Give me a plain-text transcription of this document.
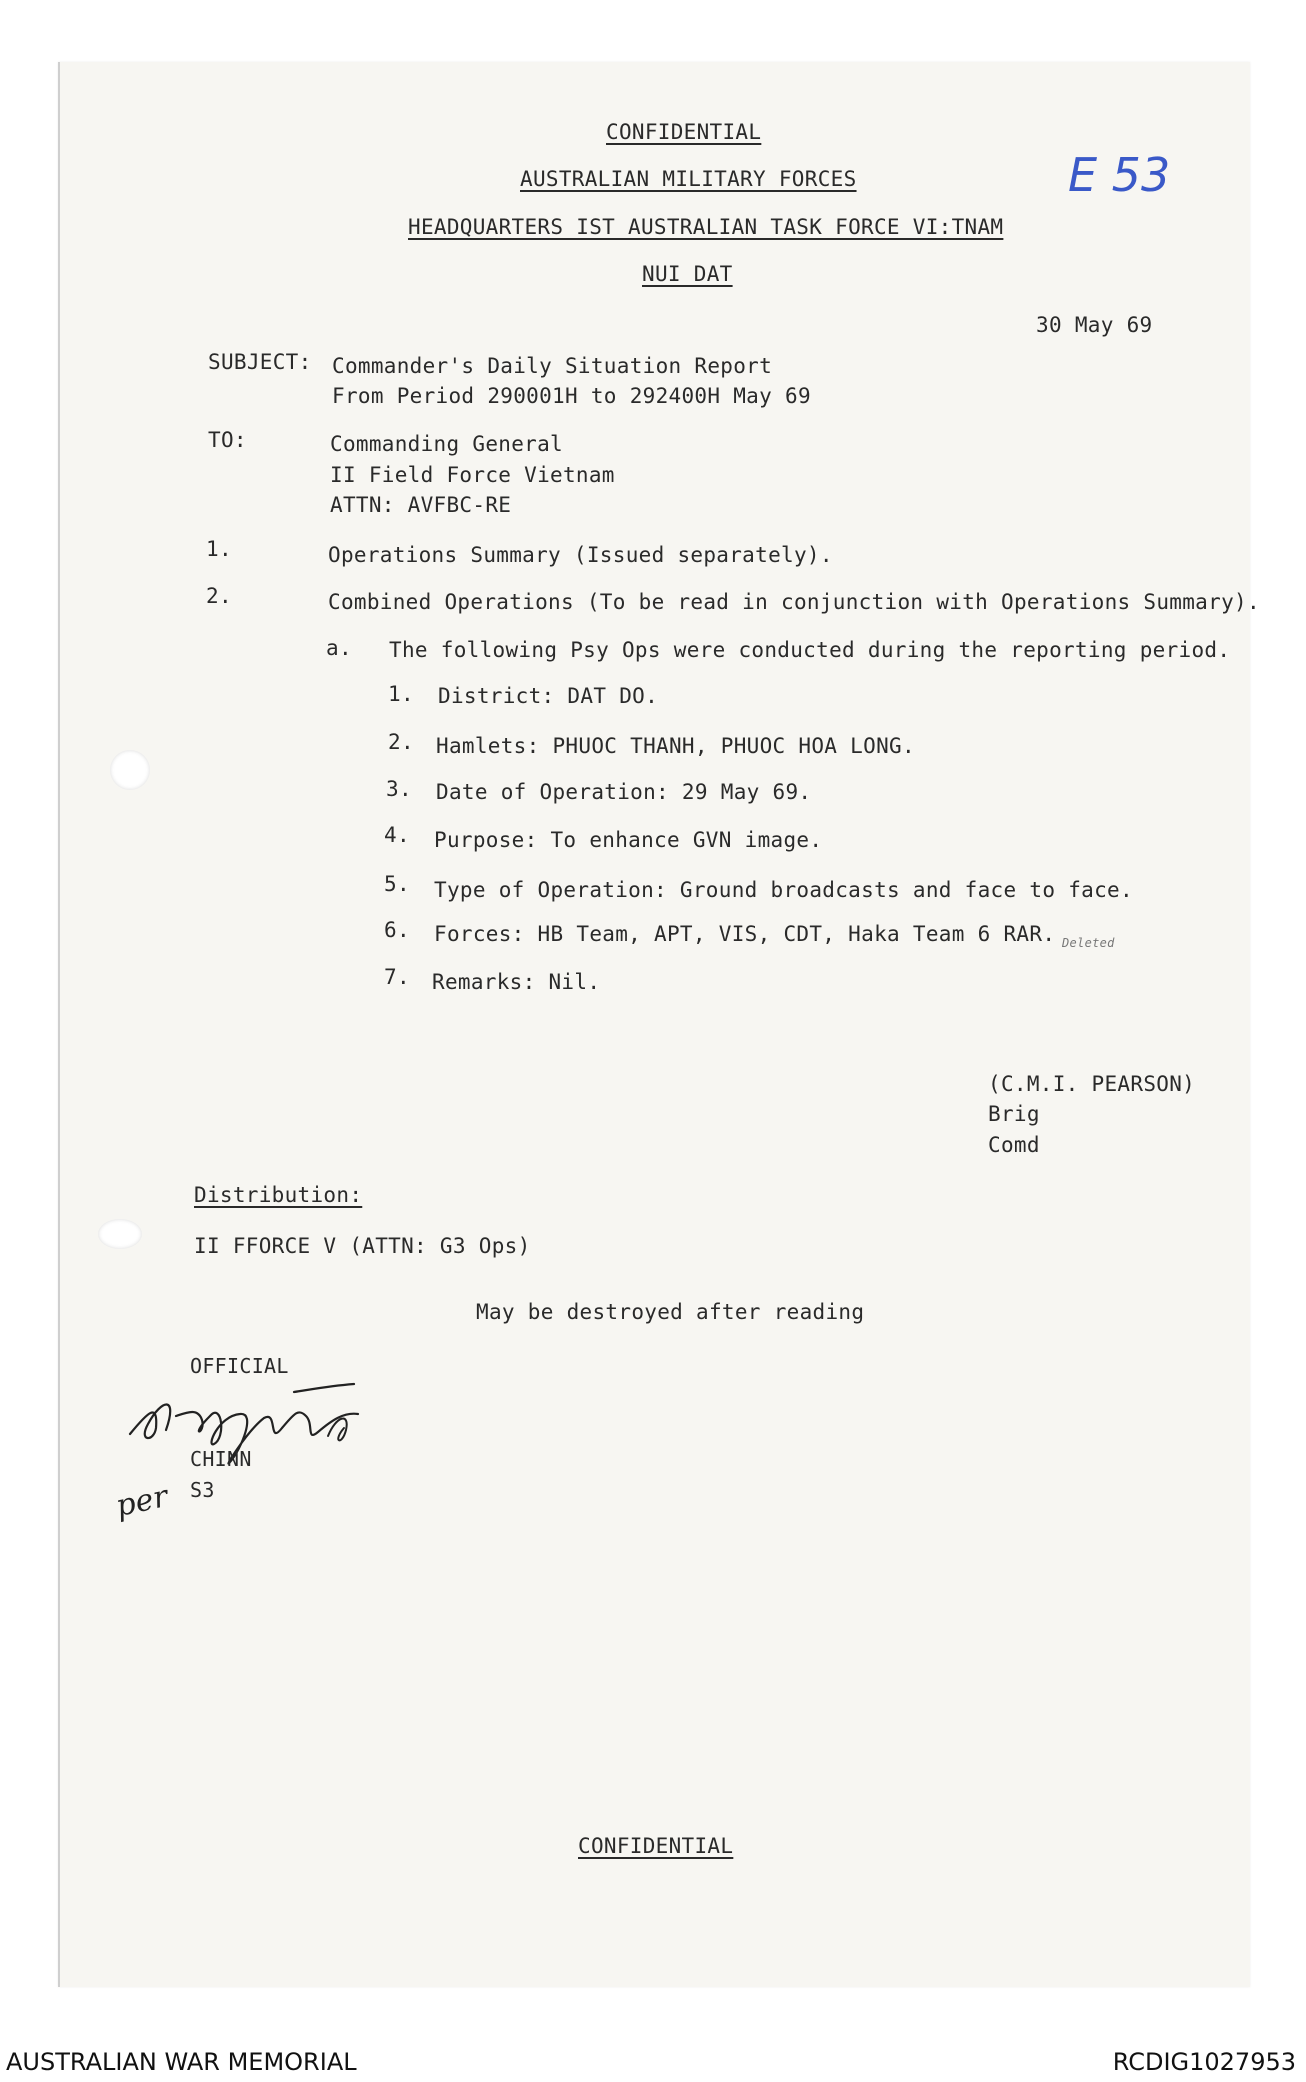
CONFIDENTIAL
AUSTRALIAN MILITARY FORCES
HEADQUARTERS IST AUSTRALIAN TASK FORCE VI:TNAM
NUI DAT
E 53
30 May 69
SUBJECT: Commander's Daily Situation Report
From Period 290001H to 292400H May 69
TO:	Commanding General
II Field Force Vietnam
ATTN: AVFBC-RE
1.	Operations Summary (Issued separately).
2.	Combined Operations (To be read in conjunction with Operations Summary).
a. The following Psy Ops were conducted during the reporting period.
1. District: DAT DO.
2. Hamlets: PHUOC THANH, PHUOC HOA LONG.
3. Date of Operation: 29 May 69.
4. Purpose: To enhance GVN image.
5. Type of Operation: Ground broadcasts and face to face.
6. Forces: HB Team, APT, VIS, CDT, Haka Team 6 RAR. Deleted
7. Remarks: Nil.
(C.M.I. PEARSON)
Brig
Comd
Distribution:
II FFORCE V (ATTN: G3 Ops)
May be destroyed after reading
OFFICIAL
CHINN
S3
per
CONFIDENTIAL
AUSTRALIAN WAR MEMORIAL	RCDIG1027953
